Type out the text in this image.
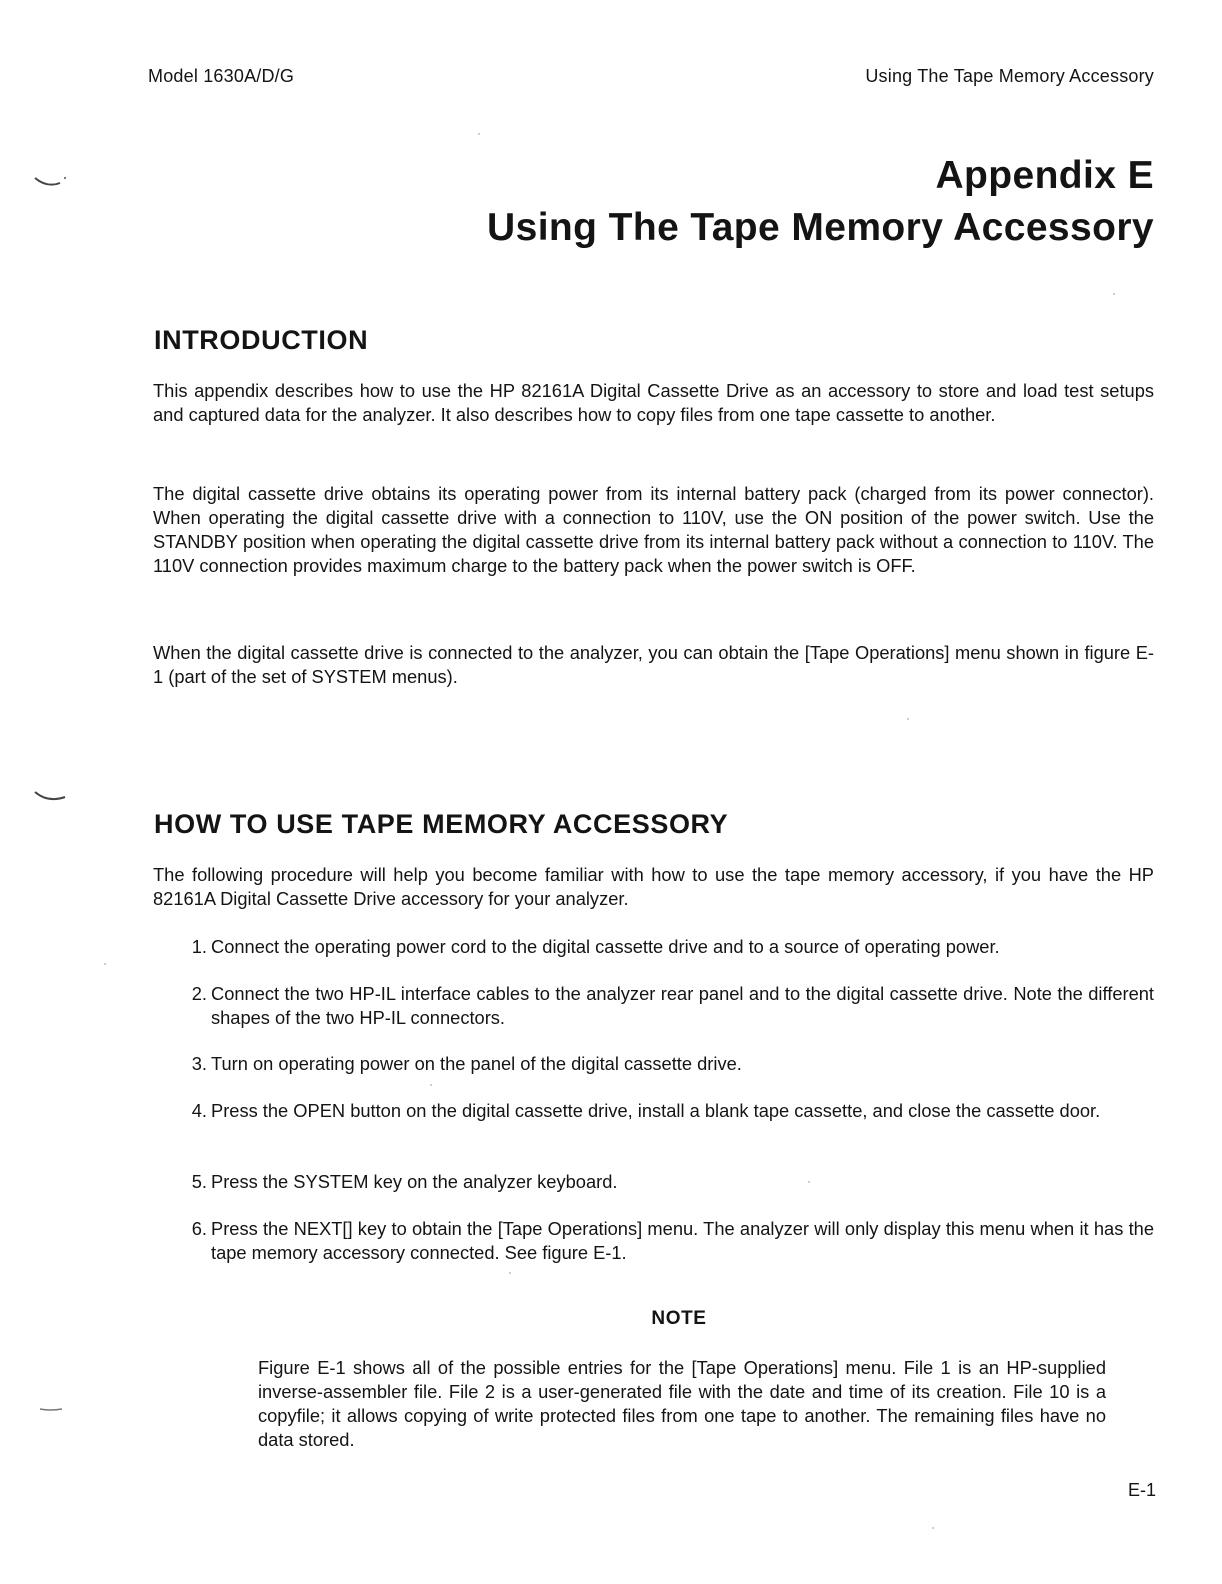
Model 1630A/D/G	Using The Tape Memory Accessory
Appendix E
Using The Tape Memory Accessory
INTRODUCTION

This appendix describes how to use the HP 82161A Digital Cassette Drive as an accessory to store and load test setups and captured data for the analyzer. It also describes how to copy files from one tape cassette to another.

The digital cassette drive obtains its operating power from its internal battery pack (charged from its power connector). When operating the digital cassette drive with a connection to 110V, use the ON position of the power switch. Use the STANDBY position when operating the digital cassette drive from its internal battery pack without a connection to 110V. The 110V connection provides maximum charge to the battery pack when the power switch is OFF.

When the digital cassette drive is connected to the analyzer, you can obtain the [Tape Operations] menu shown in figure E-1 (part of the set of SYSTEM menus).

HOW TO USE TAPE MEMORY ACCESSORY

The following procedure will help you become familiar with how to use the tape memory accessory, if you have the HP 82161A Digital Cassette Drive accessory for your analyzer.

1. Connect the operating power cord to the digital cassette drive and to a source of operating power.
2. Connect the two HP-IL interface cables to the analyzer rear panel and to the digital cassette drive. Note the different shapes of the two HP-IL connectors.
3. Turn on operating power on the panel of the digital cassette drive.
4. Press the OPEN button on the digital cassette drive, install a blank tape cassette, and close the cassette door.
5. Press the SYSTEM key on the analyzer keyboard.
6. Press the NEXT[] key to obtain the [Tape Operations] menu. The analyzer will only display this menu when it has the tape memory accessory connected. See figure E-1.
NOTE

Figure E-1 shows all of the possible entries for the [Tape Operations] menu. File 1 is an HP-supplied inverse-assembler file. File 2 is a user-generated file with the date and time of its creation. File 10 is a copyfile; it allows copying of write protected files from one tape to another. The remaining files have no data stored.

E-1
